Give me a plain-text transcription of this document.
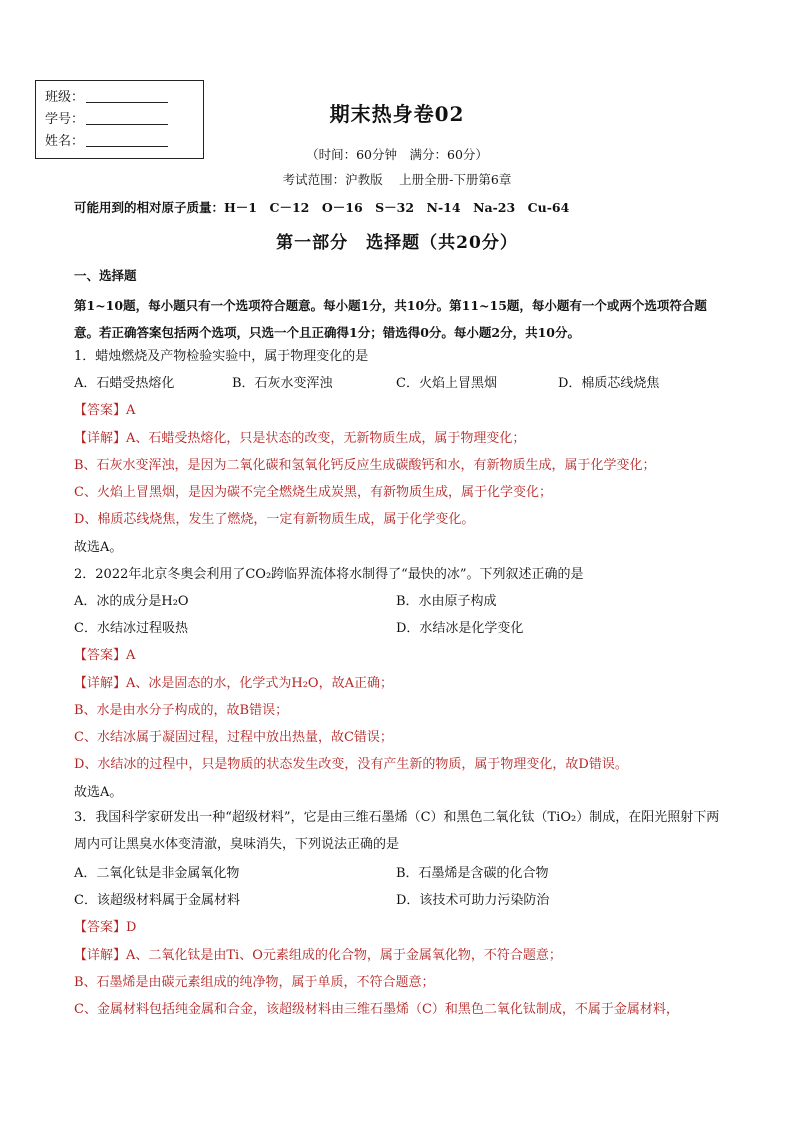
班级：
学号：
姓名：
期末热身卷02
（时间：60分钟　满分：60分）
考试范围：沪教版　 上册全册-下册第6章
可能用到的相对原子质量：H－1　C－12　O－16　S－32　N-14　Na-23　Cu-64
第一部分　选择题（共20分）
一、选择题
第1~10题，每小题只有一个选项符合题意。每小题1分，共10分。第11~15题，每小题有一个或两个选项符合题意。若正确答案包括两个选项，只选一个且正确得1分；错选得0分。每小题2分，共10分。
1．蜡烛燃烧及产物检验实验中，属于物理变化的是
A．石蜡受热熔化	B．石灰水变浑浊	C．火焰上冒黑烟	D．棉质芯线烧焦
【答案】A
【详解】A、石蜡受热熔化，只是状态的改变，无新物质生成，属于物理变化；
B、石灰水变浑浊，是因为二氧化碳和氢氧化钙反应生成碳酸钙和水，有新物质生成，属于化学变化；
C、火焰上冒黑烟，是因为碳不完全燃烧生成炭黑，有新物质生成，属于化学变化；
D、棉质芯线烧焦，发生了燃烧，一定有新物质生成，属于化学变化。
故选A。
2．2022年北京冬奥会利用了CO₂跨临界流体将水制得了“最快的冰”。下列叙述正确的是
A．冰的成分是H₂O	B．水由原子构成
C．水结冰过程吸热	D．水结冰是化学变化
【答案】A
【详解】A、冰是固态的水，化学式为H₂O，故A正确；
B、水是由水分子构成的，故B错误；
C、水结冰属于凝固过程，过程中放出热量，故C错误；
D、水结冰的过程中，只是物质的状态发生改变，没有产生新的物质，属于物理变化，故D错误。
故选A。
3．我国科学家研发出一种“超级材料”，它是由三维石墨烯（C）和黑色二氧化钛（TiO₂）制成，在阳光照射下两周内可让黑臭水体变清澈，臭味消失，下列说法正确的是
A．二氧化钛是非金属氧化物	B．石墨烯是含碳的化合物
C．该超级材料属于金属材料	D．该技术可助力污染防治
【答案】D
【详解】A、二氧化钛是由Ti、O元素组成的化合物，属于金属氧化物，不符合题意；
B、石墨烯是由碳元素组成的纯净物，属于单质，不符合题意；
C、金属材料包括纯金属和合金，该超级材料由三维石墨烯（C）和黑色二氧化钛制成，不属于金属材料，
